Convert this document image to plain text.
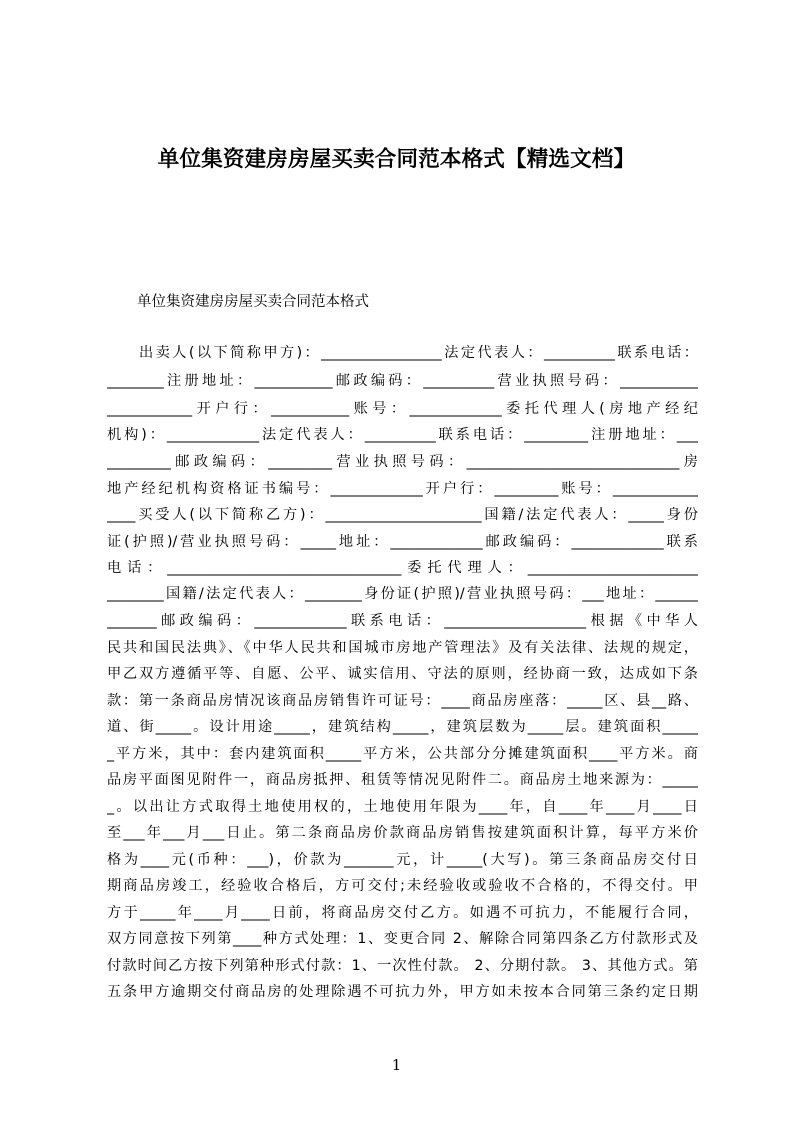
单位集资建房房屋买卖合同范本格式【精选文档】
单位集资建房房屋买卖合同范本格式
出卖人(以下简称甲方)：_________________法定代表人：__________联系电话：
________注册地址：___________邮政编码：__________营业执照号码：___________
____________开户行：___________账号：_____________委托代理人(房地产经纪
机构)：_____________法定代表人：__________联系电话：_________注册地址：___
_________邮政编码：_________营业执照号码：______________________________房
地产经纪机构资格证书编号：_____________开户行：_________账号：____________
____买受人(以下简称乙方)：______________________国籍/法定代表人：_____身份
证(护照)/营业执照号码：_____地址：_____________邮政编码：_____________联系
电话：_________________________________委托代理人：________________________
________国籍/法定代表人：________身份证(护照)/营业执照号码：___地址：______
_______邮政编码：_____________联系电话：____________________根据《中华人
民共和国民法典》、《中华人民共和国城市房地产管理法》及有关法律、法规的规定，
甲乙双方遵循平等、自愿、公平、诚实信用、守法的原则，经协商一致，达成如下条
款：第一条商品房情况该商品房销售许可证号：____商品房座落：_____区、县__路、
道、街_____。设计用途_____，建筑结构_____，建筑层数为_____层。建筑面积_____
_平方米，其中：套内建筑面积_____平方米，公共部分分摊建筑面积____平方米。商
品房平面图见附件一，商品房抵押、租赁等情况见附件二。商品房土地来源为：_____
_。以出让方式取得土地使用权的，土地使用年限为____年，自____年____月____日
至___年___月___日止。第二条商品房价款商品房销售按建筑面积计算，每平方米价
格为____元(币种：___)，价款为_______元，计_____(大写)。第三条商品房交付日
期商品房竣工，经验收合格后，方可交付;未经验收或验收不合格的，不得交付。甲
方于_____年____月____日前，将商品房交付乙方。如遇不可抗力，不能履行合同，
双方同意按下列第____种方式处理：1、变更合同 2、解除合同第四条乙方付款形式及
付款时间乙方按下列第种形式付款：1、一次性付款。 2、分期付款。 3、其他方式。第
五条甲方逾期交付商品房的处理除遇不可抗力外，甲方如未按本合同第三条约定日期
1
